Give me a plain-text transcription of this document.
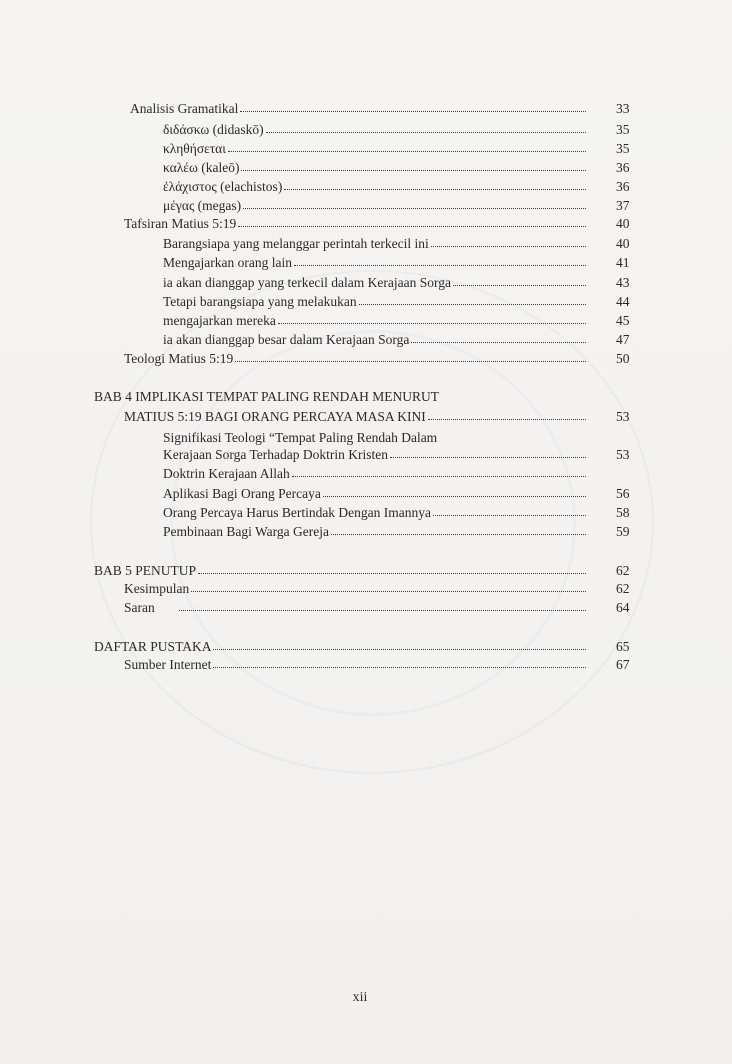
Analisis Gramatikal	33
διδάσκω (didaskō)	35
κληθήσεται	35
καλέω (kaleō)	36
ἐλάχιστος (elachistos)	36
μέγας (megas)	37
Tafsiran Matius 5:19	40
Barangsiapa yang melanggar perintah terkecil ini	40
Mengajarkan orang lain	41
ia akan dianggap yang terkecil dalam Kerajaan Sorga	43
Tetapi barangsiapa yang melakukan	44
mengajarkan mereka	45
ia akan dianggap besar dalam Kerajaan Sorga	47
Teologi Matius 5:19	50
BAB 4 IMPLIKASI TEMPAT PALING RENDAH MENURUT
MATIUS 5:19 BAGI ORANG PERCAYA MASA KINI	53
Signifikasi Teologi “Tempat Paling Rendah Dalam
Kerajaan Sorga Terhadap Doktrin Kristen	53
Doktrin Kerajaan Allah
Aplikasi Bagi Orang Percaya	56
Orang Percaya Harus Bertindak Dengan Imannya	58
Pembinaan Bagi Warga Gereja	59
BAB 5 PENUTUP	62
Kesimpulan	62
Saran	64
DAFTAR PUSTAKA	65
Sumber Internet	67
xii
